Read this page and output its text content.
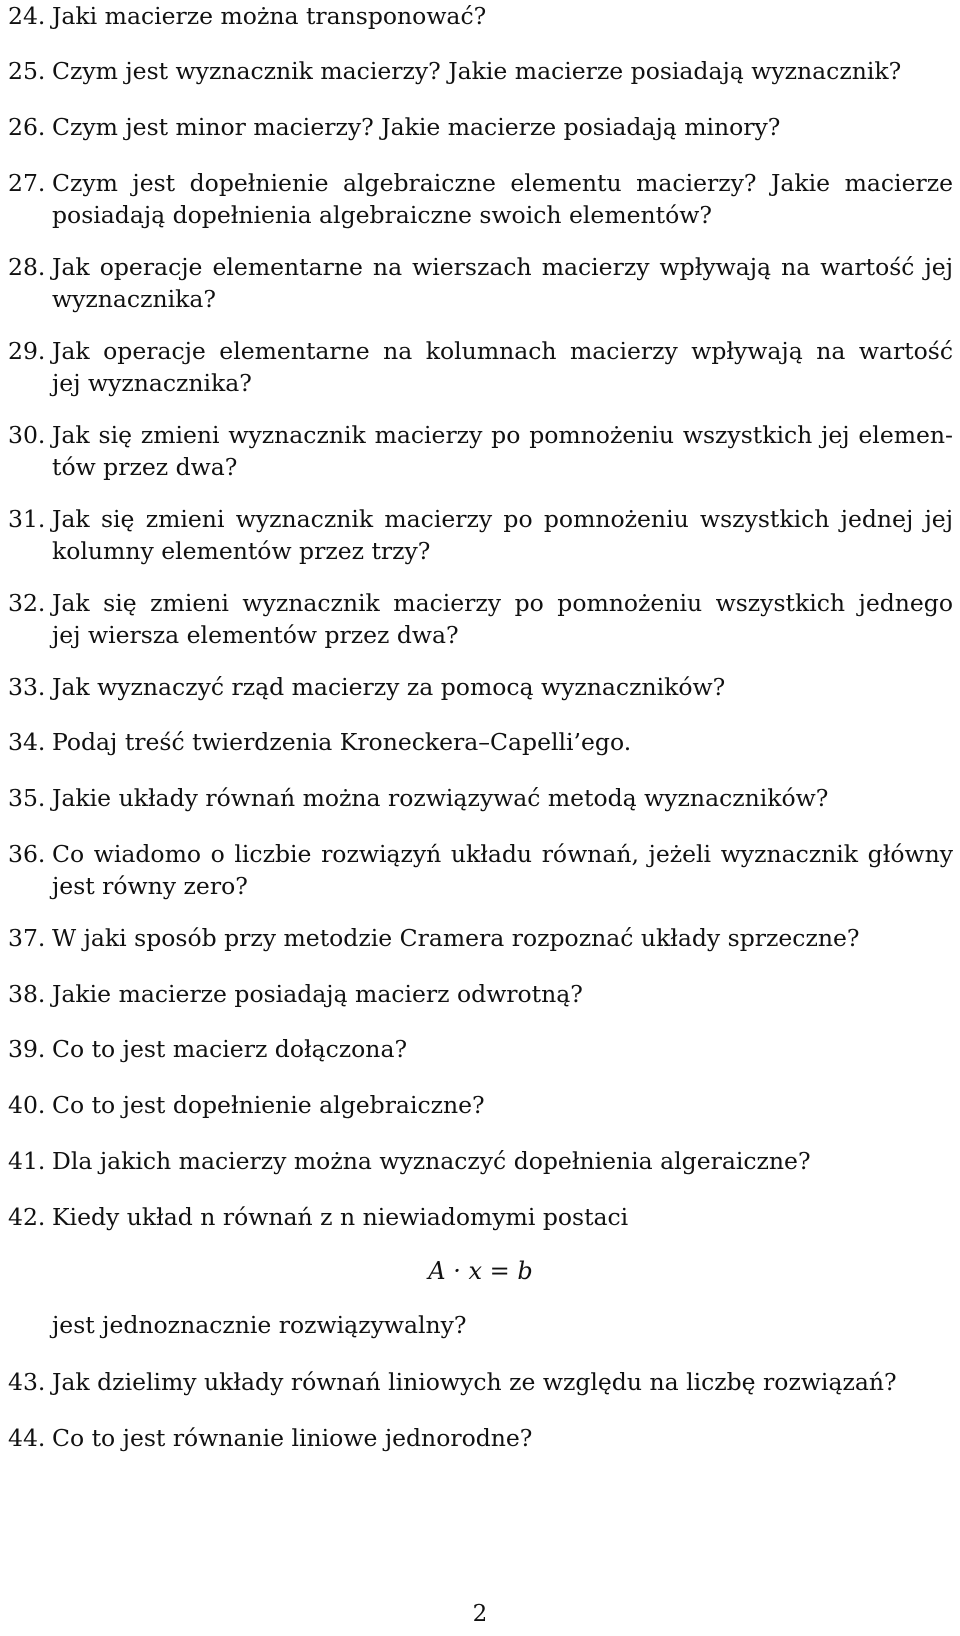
24. Jaki macierze można transponować?
25. Czym jest wyznacznik macierzy? Jakie macierze posiadają wyznacznik?
26. Czym jest minor macierzy? Jakie macierze posiadają minory?
27. Czym jest dopełnienie algebraiczne elementu macierzy? Jakie macierze
posiadają dopełnienia algebraiczne swoich elementów?
28. Jak operacje elementarne na wierszach macierzy wpływają na wartość jej
wyznacznika?
29. Jak operacje elementarne na kolumnach macierzy wpływają na wartość
jej wyznacznika?
30. Jak się zmieni wyznacznik macierzy po pomnożeniu wszystkich jej elemen-
tów przez dwa?
31. Jak się zmieni wyznacznik macierzy po pomnożeniu wszystkich jednej jej
kolumny elementów przez trzy?
32. Jak się zmieni wyznacznik macierzy po pomnożeniu wszystkich jednego
jej wiersza elementów przez dwa?
33. Jak wyznaczyć rząd macierzy za pomocą wyznaczników?
34. Podaj treść twierdzenia Kroneckera–Capelli’ego.
35. Jakie układy równań można rozwiązywać metodą wyznaczników?
36. Co wiadomo o liczbie rozwiązyń układu równań, jeżeli wyznacznik główny
jest równy zero?
37. W jaki sposób przy metodzie Cramera rozpoznać układy sprzeczne?
38. Jakie macierze posiadają macierz odwrotną?
39. Co to jest macierz dołączona?
40. Co to jest dopełnienie algebraiczne?
41. Dla jakich macierzy można wyznaczyć dopełnienia algeraiczne?
42. Kiedy układ n równań z n niewiadomymi postaci
A · x = b
jest jednoznacznie rozwiązywalny?
43. Jak dzielimy układy równań liniowych ze względu na liczbę rozwiązań?
44. Co to jest równanie liniowe jednorodne?
2
